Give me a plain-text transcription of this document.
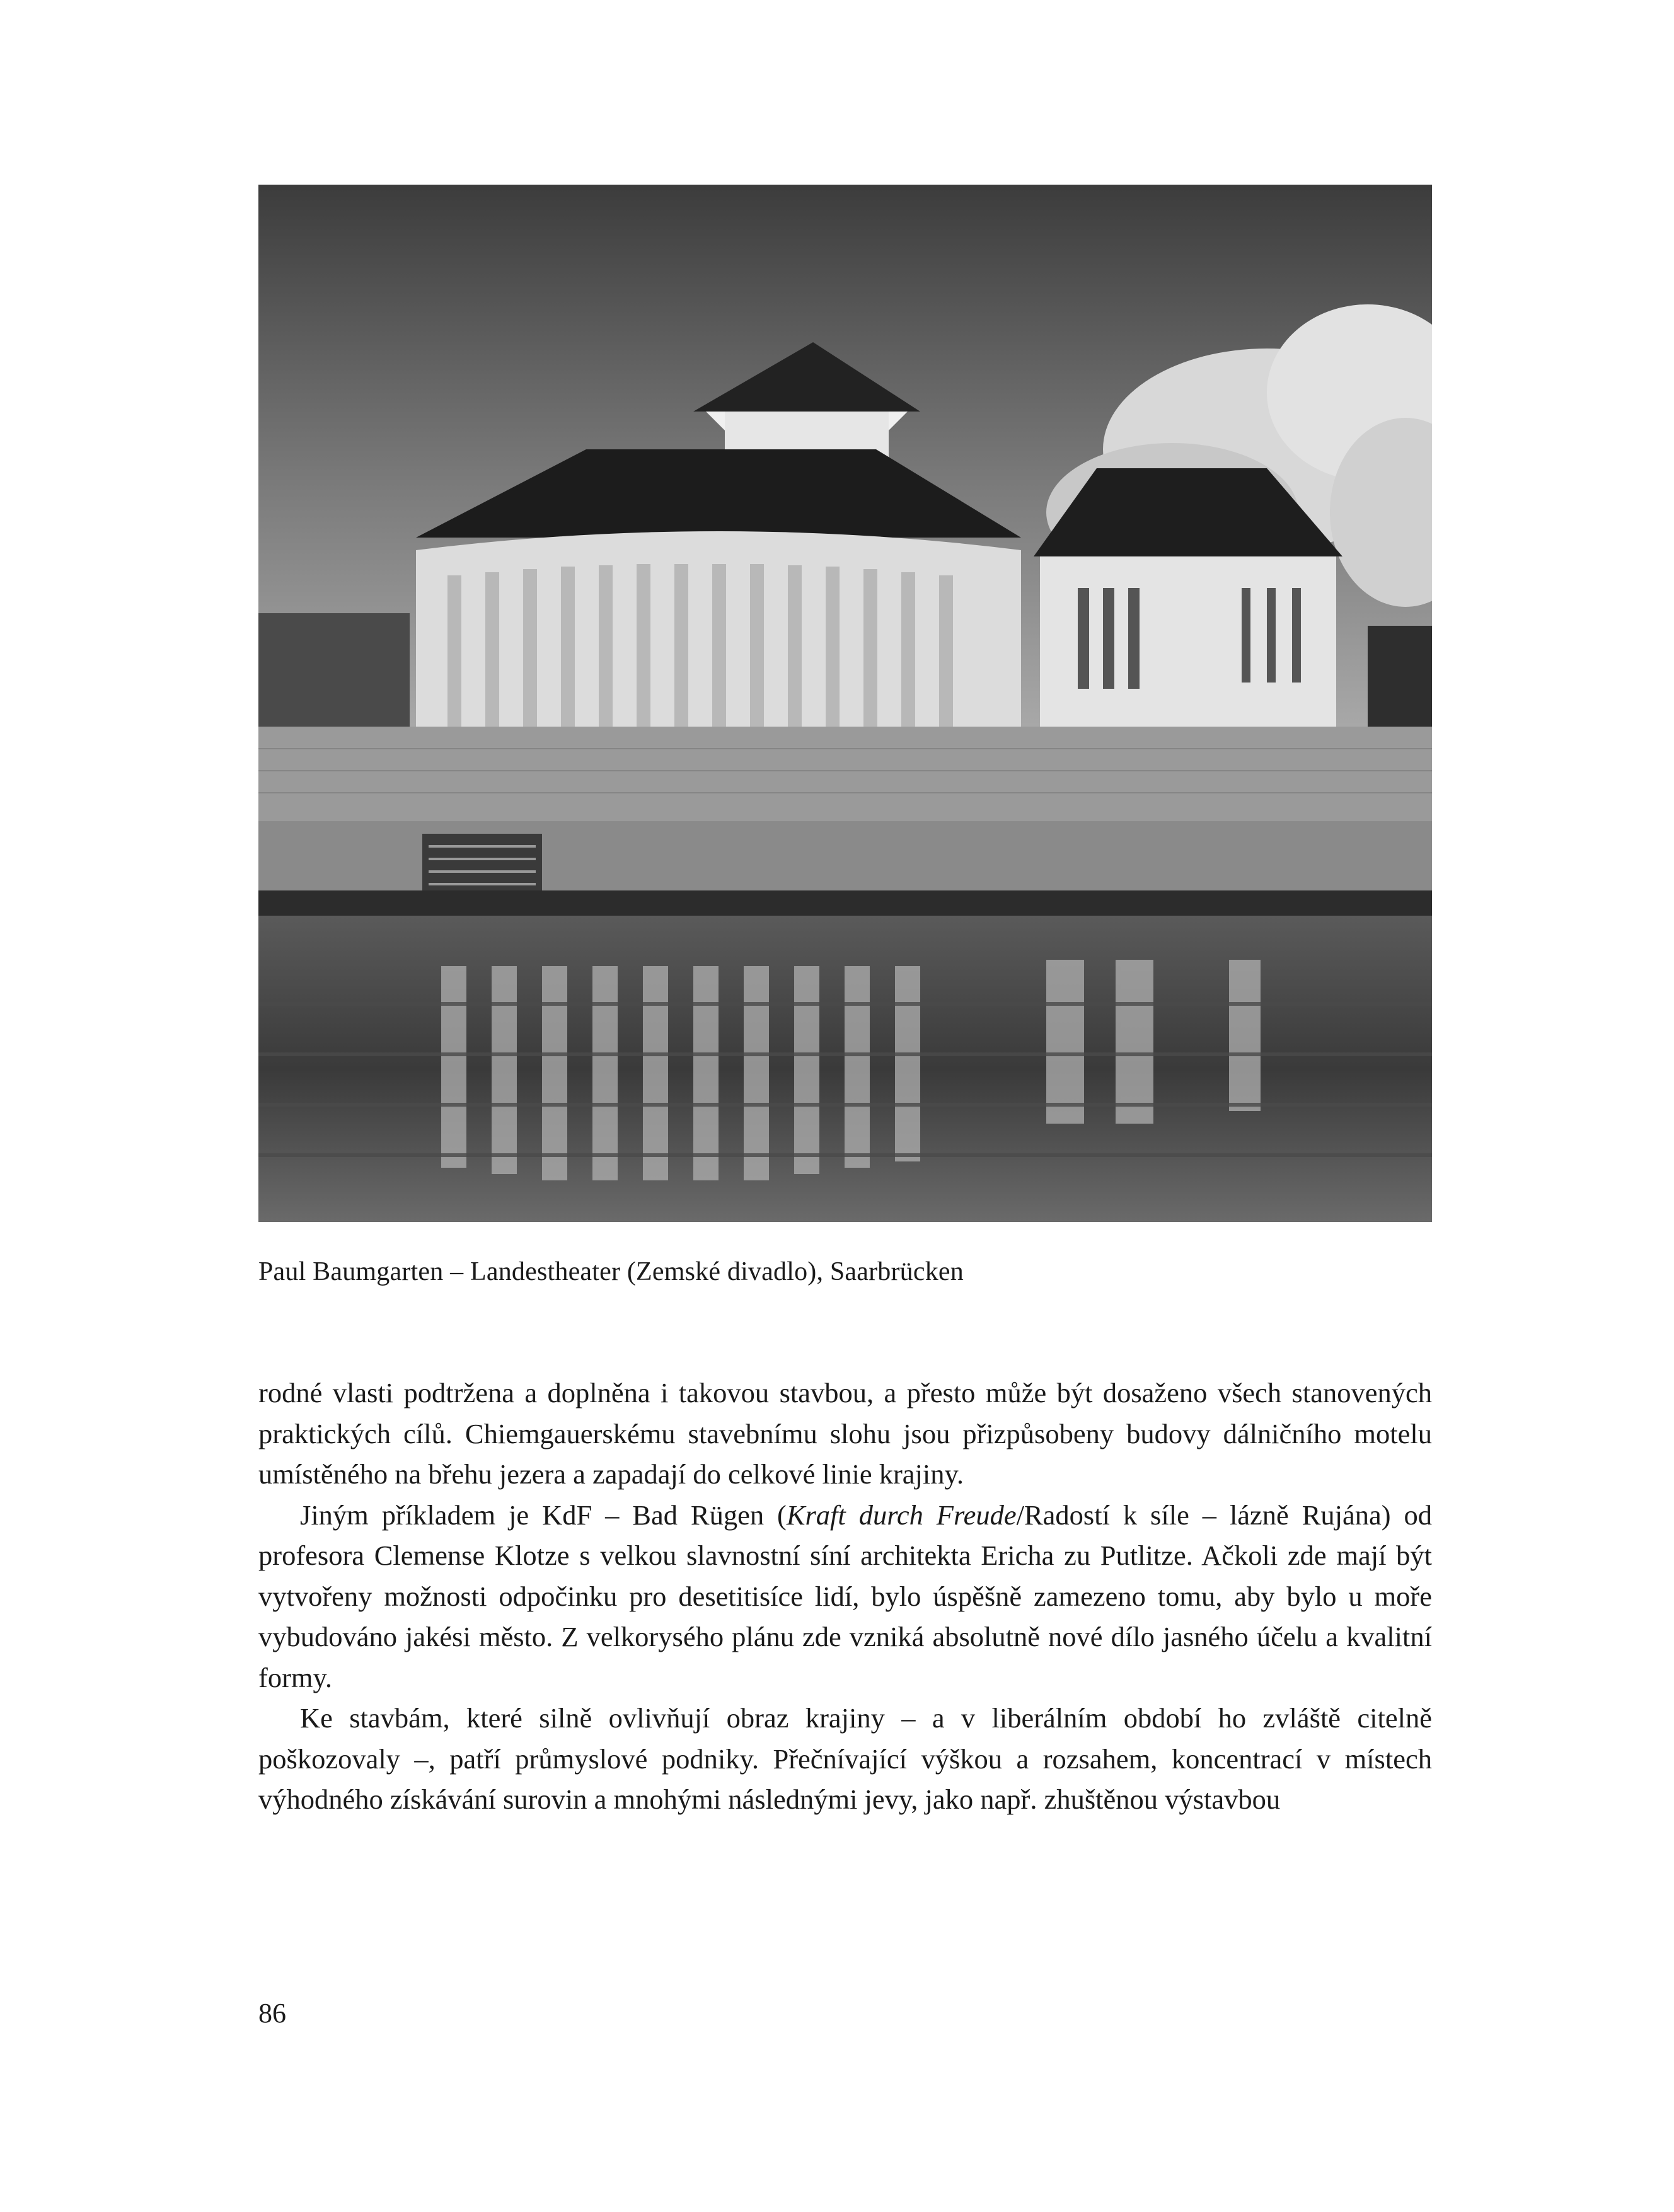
Paul Baumgarten – Landestheater (Zemské divadlo), Saarbrücken

rodné vlasti podtržena a doplněna i takovou stavbou, a přesto může být dosaženo všech stanovených praktických cílů. Chiemgauerskému stavebnímu slohu jsou přizpůsobeny budovy dálničního motelu umístěného na břehu jezera a zapadají do celkové linie krajiny.

Jiným příkladem je KdF – Bad Rügen (Kraft durch Freude/Radostí k síle – lázně Rujána) od profesora Clemense Klotze s velkou slavnostní síní architekta Ericha zu Putlitze. Ačkoli zde mají být vytvořeny možnosti odpočinku pro desetitisíce lidí, bylo úspěšně zamezeno tomu, aby bylo u moře vybudováno jakési město. Z velkorysého plánu zde vzniká absolutně nové dílo jasného účelu a kvalitní formy.

Ke stavbám, které silně ovlivňují obraz krajiny – a v liberálním období ho zvláště citelně poškozovaly –, patří průmyslové podniky. Přečnívající výškou a rozsahem, koncentrací v místech výhodného získávání surovin a mnohými následnými jevy, jako např. zhuštěnou výstavbou

86
